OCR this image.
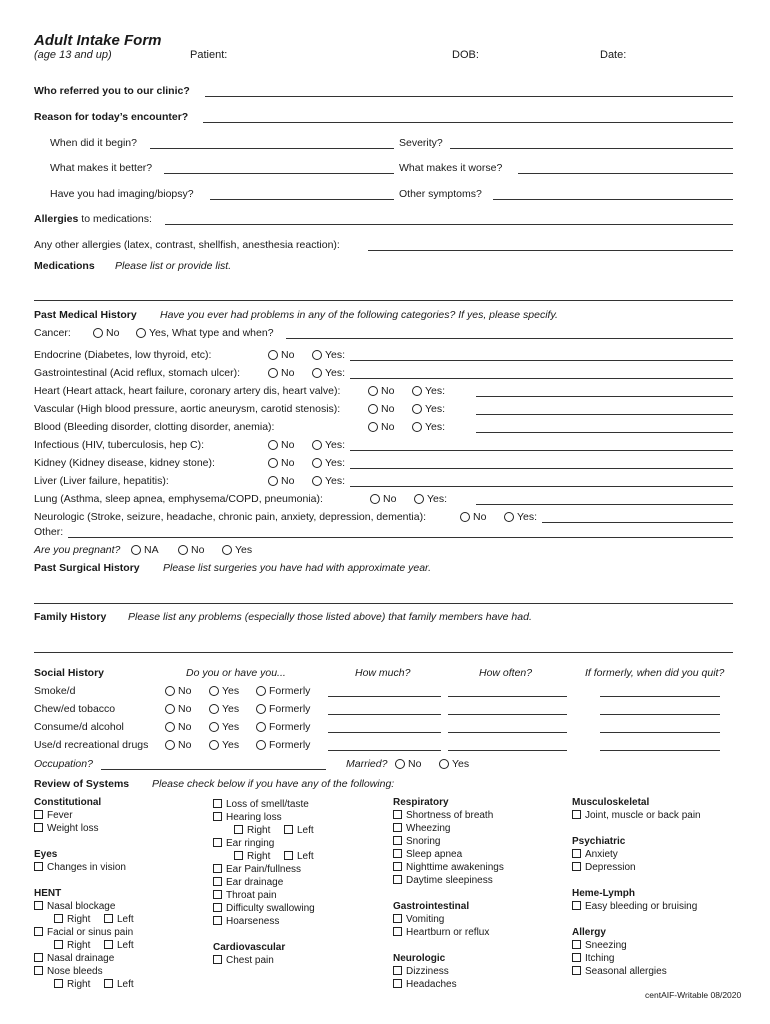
Adult Intake Form
(age 13 and up)	Patient:	DOB:	Date:
Who referred you to our clinic?
Reason for today’s encounter?
When did it begin?	Severity?
What makes it better?	What makes it worse?
Have you had imaging/biopsy?	Other symptoms?
Allergies to medications:
Any other allergies (latex, contrast, shellfish, anesthesia reaction):
Medications Please list or provide list.
Past Medical History Have you ever had problems in any of the following categories? If yes, please specify.
Cancer:	No	Yes, What type and when?
Endocrine (Diabetes, low thyroid, etc):	No	Yes:
Gastrointestinal (Acid reflux, stomach ulcer):	No	Yes:
Heart (Heart attack, heart failure, coronary artery dis, heart valve):	No	Yes:
Vascular (High blood pressure, aortic aneurysm, carotid stenosis):	No	Yes:
Blood (Bleeding disorder, clotting disorder, anemia):	No	Yes:
Infectious (HIV, tuberculosis, hep C):	No	Yes:
Kidney (Kidney disease, kidney stone):	No	Yes:
Liver (Liver failure, hepatitis):	No	Yes:
Lung (Asthma, sleep apnea, emphysema/COPD, pneumonia):	No	Yes:
Neurologic (Stroke, seizure, headache, chronic pain, anxiety, depression, dementia):	No	Yes:
Other:
Are you pregnant?	NA	No	Yes
Past Surgical History Please list surgeries you have had with approximate year.
Family History Please list any problems (especially those listed above) that family members have had.
Social History	Do you or have you...	How much?	How often?	If formerly, when did you quit?
Smoke/d	No	Yes	Formerly
Chew/ed tobacco	No	Yes	Formerly
Consume/d alcohol	No	Yes	Formerly
Use/d recreational drugs	No	Yes	Formerly
Occupation?	Married?	No	Yes
Review of Systems Please check below if you have any of the following:
Constitutional
Fever
Weight loss
Eyes
Changes in vision
HENT
Nasal blockage
Right	Left
Facial or sinus pain
Right	Left
Nasal drainage
Nose bleeds
Right	Left
Loss of smell/taste
Hearing loss
Right	Left
Ear ringing
Right	Left
Ear Pain/fullness
Ear drainage
Throat pain
Difficulty swallowing
Hoarseness
Cardiovascular
Chest pain
Respiratory
Shortness of breath
Wheezing
Snoring
Sleep apnea
Nighttime awakenings
Daytime sleepiness
Gastrointestinal
Vomiting
Heartburn or reflux
Neurologic
Dizziness
Headaches
Musculoskeletal
Joint, muscle or back pain
Psychiatric
Anxiety
Depression
Heme-Lymph
Easy bleeding or bruising
Allergy
Sneezing
Itching
Seasonal allergies
centAIF-Writable 08/2020
